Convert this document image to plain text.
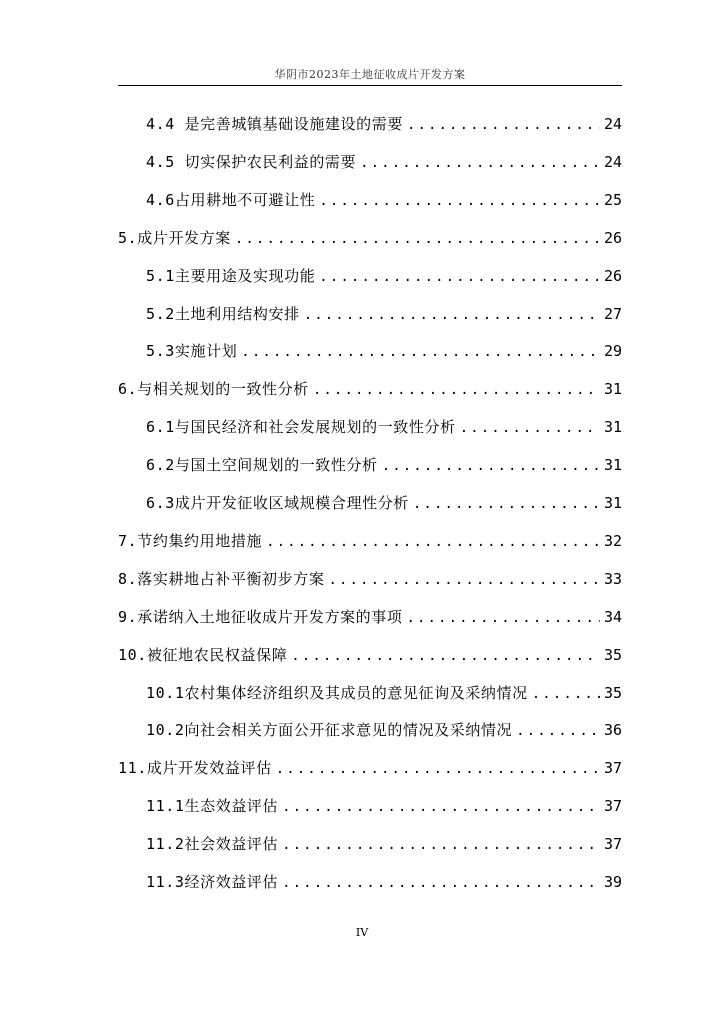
华阴市2023年土地征收成片开发方案
4.4 是完善城镇基础设施建设的需要 .....	24
4.5 切实保护农民利益的需要 .....	24
4.6占用耕地不可避让性 .....	25
5.成片开发方案 .....	26
5.1主要用途及实现功能 .....	26
5.2土地利用结构安排 .....	27
5.3实施计划 .....	29
6.与相关规划的一致性分析 .....	31
6.1与国民经济和社会发展规划的一致性分析 .....	31
6.2与国土空间规划的一致性分析 .....	31
6.3成片开发征收区域规模合理性分析 .....	31
7.节约集约用地措施 .....	32
8.落实耕地占补平衡初步方案 .....	33
9.承诺纳入土地征收成片开发方案的事项 .....	34
10.被征地农民权益保障 .....	35
10.1农村集体经济组织及其成员的意见征询及采纳情况 .....	35
10.2向社会相关方面公开征求意见的情况及采纳情况 .....	36
11.成片开发效益评估 .....	37
11.1生态效益评估 .....	37
11.2社会效益评估 .....	37
11.3经济效益评估 .....	39
IV
